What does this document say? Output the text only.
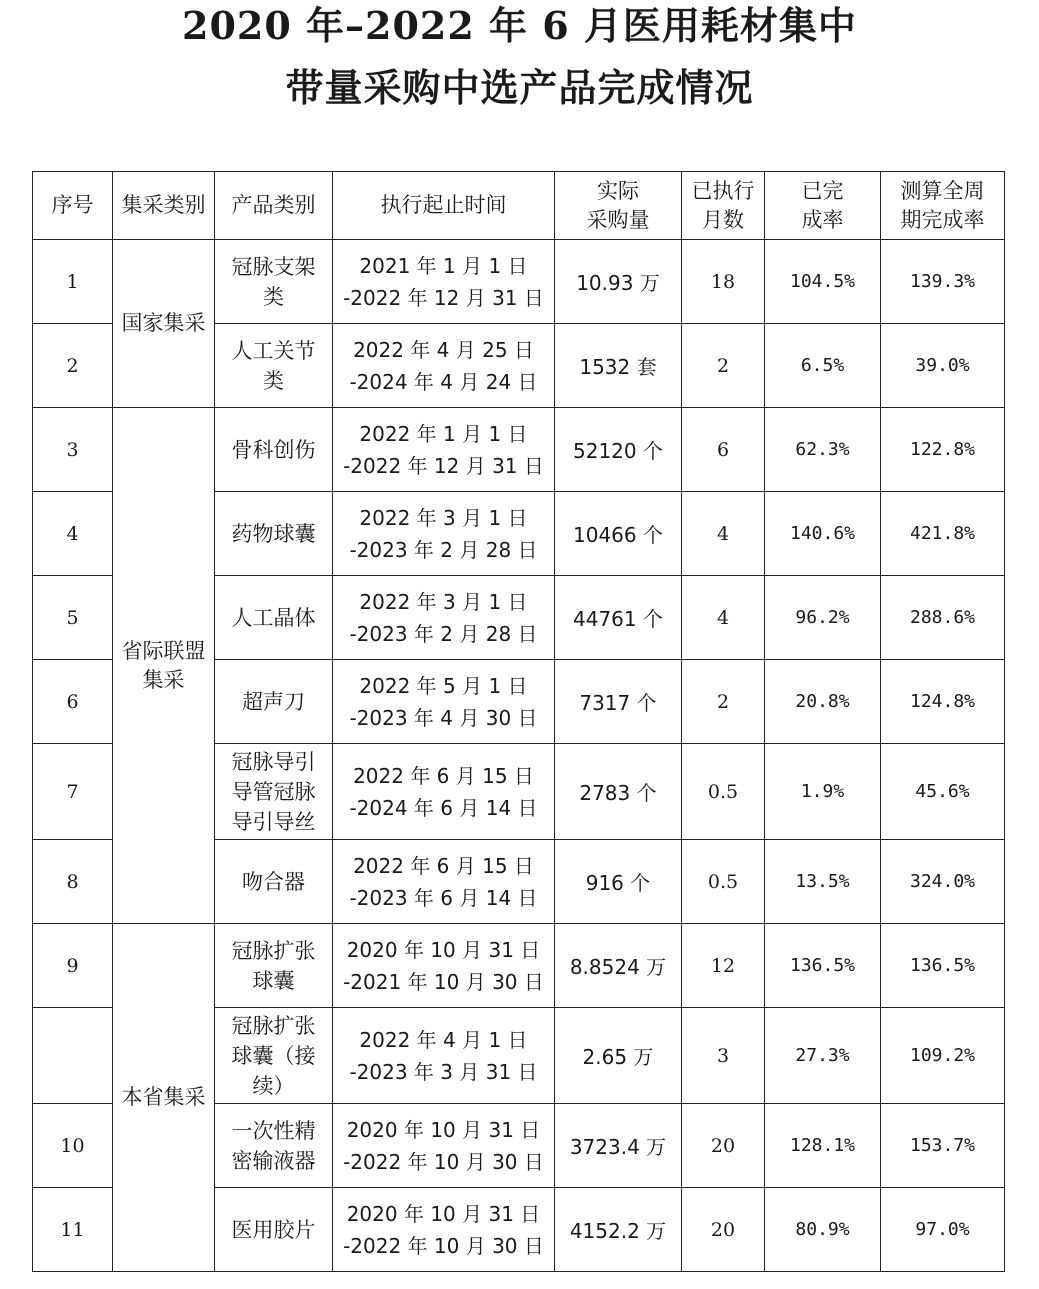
2020 年–2022 年 6 月医用耗材集中
带量采购中选产品完成情况
序号	集采类别	产品类别	执行起止时间	实际
采购量	已执行
月数	已完
成率	测算全周
期完成率

1	国家集采	冠脉支架
类	2021 年 1 月 1 日
-2022 年 12 月 31 日	10.93 万	18	104.5%	139.3%
2		人工关节
类	2022 年 4 月 25 日
-2024 年 4 月 24 日	1532 套	2	6.5%	39.0%
3	省际联盟
集采	骨科创伤	2022 年 1 月 1 日
-2022 年 12 月 31 日	52120 个	6	62.3%	122.8%
4		药物球囊	2022 年 3 月 1 日
-2023 年 2 月 28 日	10466 个	4	140.6%	421.8%
5		人工晶体	2022 年 3 月 1 日
-2023 年 2 月 28 日	44761 个	4	96.2%	288.6%
6		超声刀	2022 年 5 月 1 日
-2023 年 4 月 30 日	7317 个	2	20.8%	124.8%
7		冠脉导引
导管冠脉
导引导丝	2022 年 6 月 15 日
-2024 年 6 月 14 日	2783 个	0.5	1.9%	45.6%
8		吻合器	2022 年 6 月 15 日
-2023 年 6 月 14 日	916 个	0.5	13.5%	324.0%
9	本省集采	冠脉扩张
球囊	2020 年 10 月 31 日
-2021 年 10 月 30 日	8.8524 万	12	136.5%	136.5%

		冠脉扩张
球囊（接
续）	2022 年 4 月 1 日
-2023 年 3 月 31 日	2.65 万	3	27.3%	109.2%
10		一次性精
密输液器	2020 年 10 月 31 日
-2022 年 10 月 30 日	3723.4 万	20	128.1%	153.7%
11		医用胶片	2020 年 10 月 31 日
-2022 年 10 月 30 日	4152.2 万	20	80.9%	97.0%
